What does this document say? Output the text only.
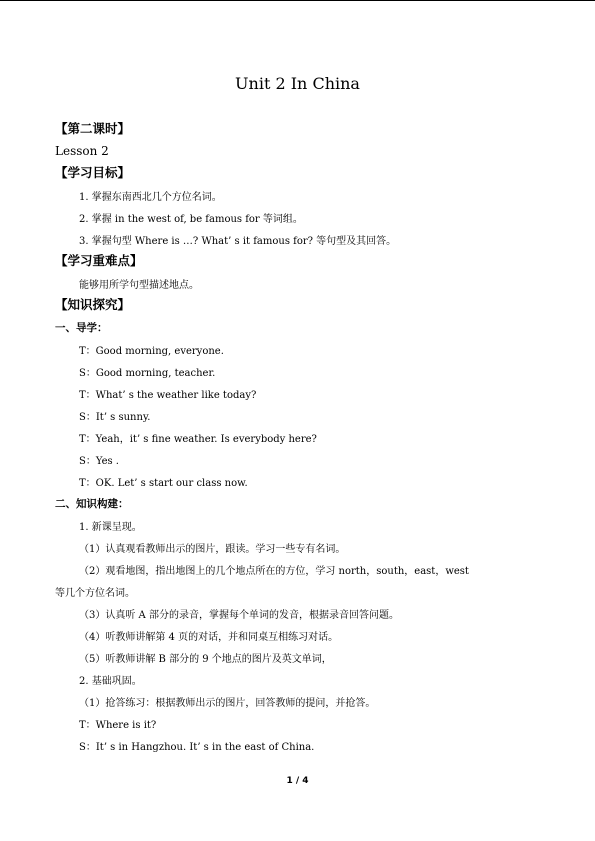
Unit 2 In China
【第二课时】
Lesson 2
【学习目标】
1. 掌握东南西北几个方位名词。
2. 掌握 in the west of, be famous for 等词组。
3. 掌握句型 Where is …? What’ s it famous for? 等句型及其回答。
【学习重难点】
能够用所学句型描述地点。
【知识探究】
一、导学：
T：Good morning, everyone.
S：Good morning, teacher.
T：What’ s the weather like today?
S：It’ s sunny.
T：Yeah，it’ s fine weather. Is everybody here?
S：Yes .
T：OK. Let’ s start our class now.
二、知识构建：
1. 新课呈现。
（1）认真观看教师出示的图片，跟读。学习一些专有名词。
（2）观看地图，指出地图上的几个地点所在的方位，学习 north，south，east，west
等几个方位名词。
（3）认真听 A 部分的录音，掌握每个单词的发音，根据录音回答问题。
（4）听教师讲解第 4 页的对话，并和同桌互相练习对话。
（5）听教师讲解 B 部分的 9 个地点的图片及英文单词，
2. 基础巩固。
（1）抢答练习：根据教师出示的图片，回答教师的提问，并抢答。
T：Where is it?
S：It’ s in Hangzhou. It’ s in the east of China.
1 / 4
